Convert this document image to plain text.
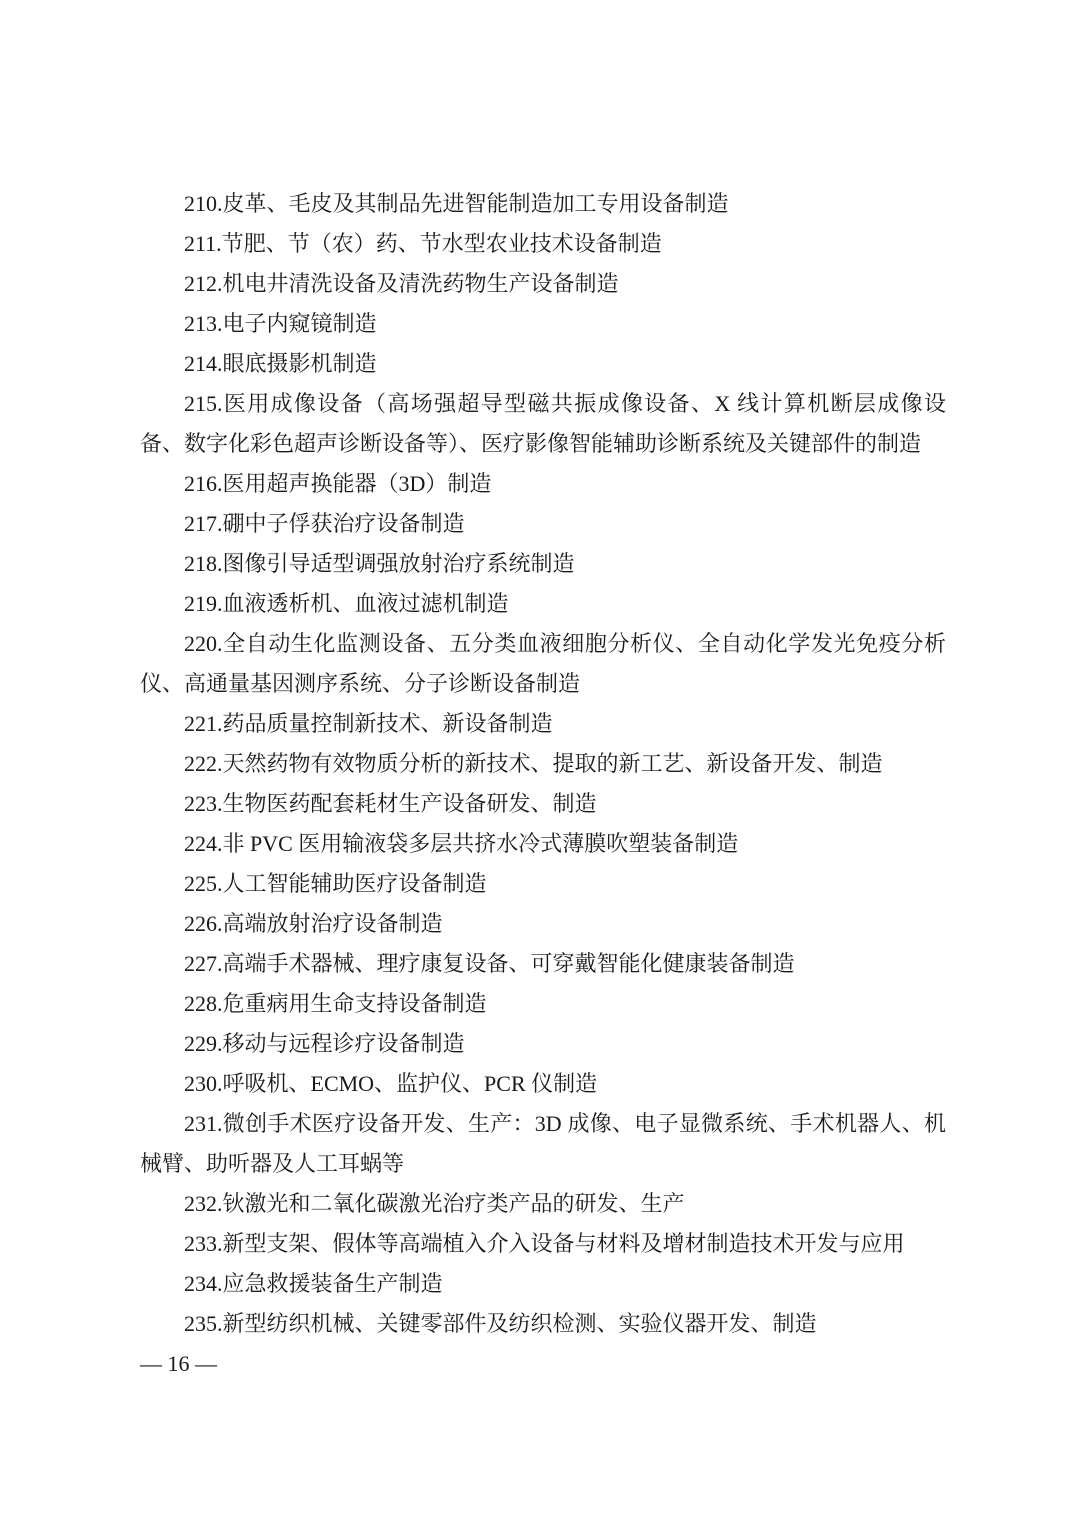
210.皮革、毛皮及其制品先进智能制造加工专用设备制造

211.节肥、节（农）药、节水型农业技术设备制造

212.机电井清洗设备及清洗药物生产设备制造

213.电子内窥镜制造

214.眼底摄影机制造

215.医用成像设备（高场强超导型磁共振成像设备、X 线计算机断层成像设备、数字化彩色超声诊断设备等）、医疗影像智能辅助诊断系统及关键部件的制造

216.医用超声换能器（3D）制造

217.硼中子俘获治疗设备制造

218.图像引导适型调强放射治疗系统制造

219.血液透析机、血液过滤机制造

220.全自动生化监测设备、五分类血液细胞分析仪、全自动化学发光免疫分析仪、高通量基因测序系统、分子诊断设备制造

221.药品质量控制新技术、新设备制造

222.天然药物有效物质分析的新技术、提取的新工艺、新设备开发、制造

223.生物医药配套耗材生产设备研发、制造

224.非 PVC 医用输液袋多层共挤水冷式薄膜吹塑装备制造

225.人工智能辅助医疗设备制造

226.高端放射治疗设备制造

227.高端手术器械、理疗康复设备、可穿戴智能化健康装备制造

228.危重病用生命支持设备制造

229.移动与远程诊疗设备制造

230.呼吸机、ECMO、监护仪、PCR 仪制造

231.微创手术医疗设备开发、生产：3D 成像、电子显微系统、手术机器人、机械臂、助听器及人工耳蜗等

232.钬激光和二氧化碳激光治疗类产品的研发、生产

233.新型支架、假体等高端植入介入设备与材料及增材制造技术开发与应用

234.应急救援装备生产制造

235.新型纺织机械、关键零部件及纺织检测、实验仪器开发、制造

— 16 —
